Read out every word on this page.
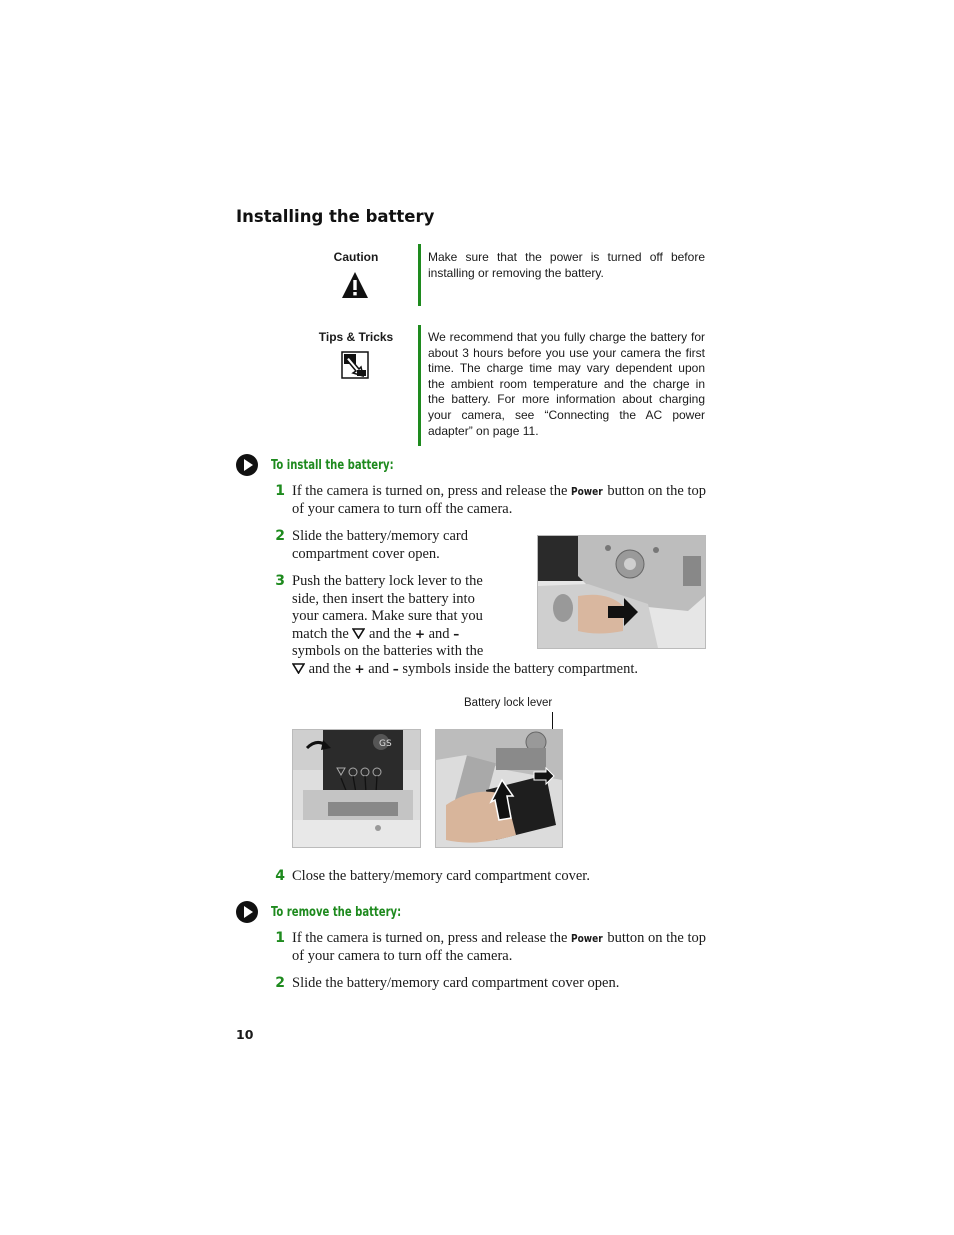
Installing the battery
Caution	Make sure that the power is turned off before installing or removing the battery.
Tips & Tricks	We recommend that you fully charge the battery for about 3 hours before you use your camera the first time. The charge time may vary dependent upon the ambient room temperature and the charge in the battery. For more information about charging your camera, see “Connecting the AC power adapter” on page 11.
To install the battery:
1 If the camera is turned on, press and release the Power button on the top of your camera to turn off the camera.
2 Slide the battery/memory card compartment cover open.
3 Push the battery lock lever to the
side, then insert the battery into
your camera. Make sure that you
match the and the + and –
symbols on the batteries with the
and the + and – symbols inside the battery compartment.
Battery lock lever
GS
4 Close the battery/memory card compartment cover.
To remove the battery:
1 If the camera is turned on, press and release the Power button on the top of your camera to turn off the camera.
2 Slide the battery/memory card compartment cover open.
10
